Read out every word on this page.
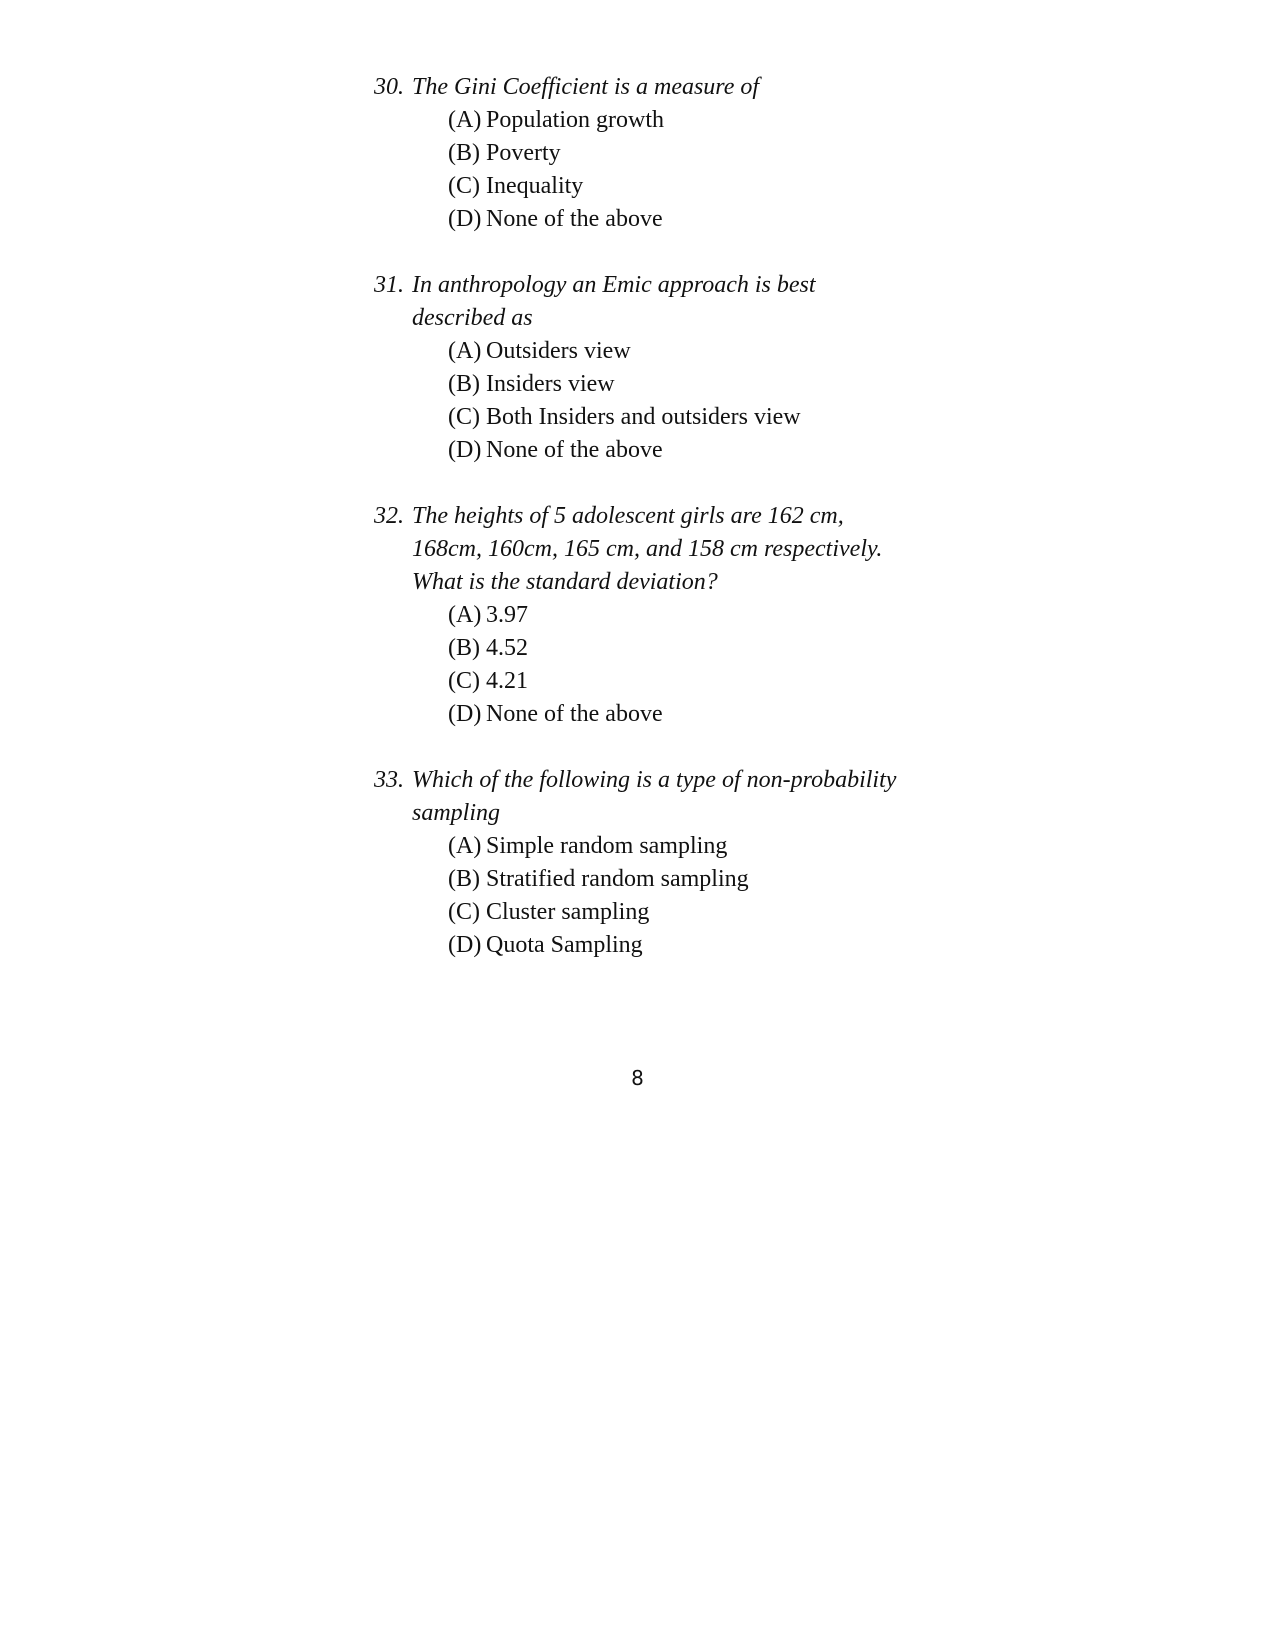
30. The Gini Coefficient is a measure of
(A) Population growth
(B) Poverty
(C) Inequality
(D) None of the above
31. In anthropology an Emic approach is best described as
(A) Outsiders view
(B) Insiders view
(C) Both Insiders and outsiders view
(D) None of the above
32. The heights of 5 adolescent girls are 162 cm, 168cm, 160cm, 165 cm, and 158 cm respectively. What is the standard deviation?
(A) 3.97
(B) 4.52
(C) 4.21
(D) None of the above
33. Which of the following is a type of non-probability sampling
(A) Simple random sampling
(B) Stratified random sampling
(C) Cluster sampling
(D) Quota Sampling
8
